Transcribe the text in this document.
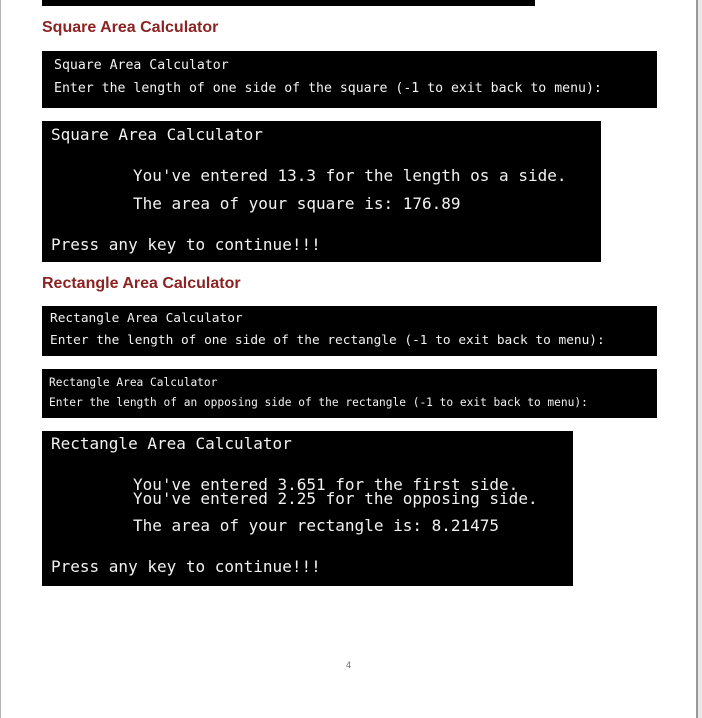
Square Area Calculator

Square Area Calculator

Enter the length of one side of the square (-1 to exit back to menu):

Square Area Calculator

You've entered 13.3 for the length os a side.

The area of your square is: 176.89

Press any key to continue!!!

Rectangle Area Calculator

Rectangle Area Calculator

Enter the length of one side of the rectangle (-1 to exit back to menu):

Rectangle Area Calculator

Enter the length of an opposing side of the rectangle (-1 to exit back to menu):

Rectangle Area Calculator

You've entered 3.651 for the first side.

You've entered 2.25 for the opposing side.

The area of your rectangle is: 8.21475

Press any key to continue!!!

4
